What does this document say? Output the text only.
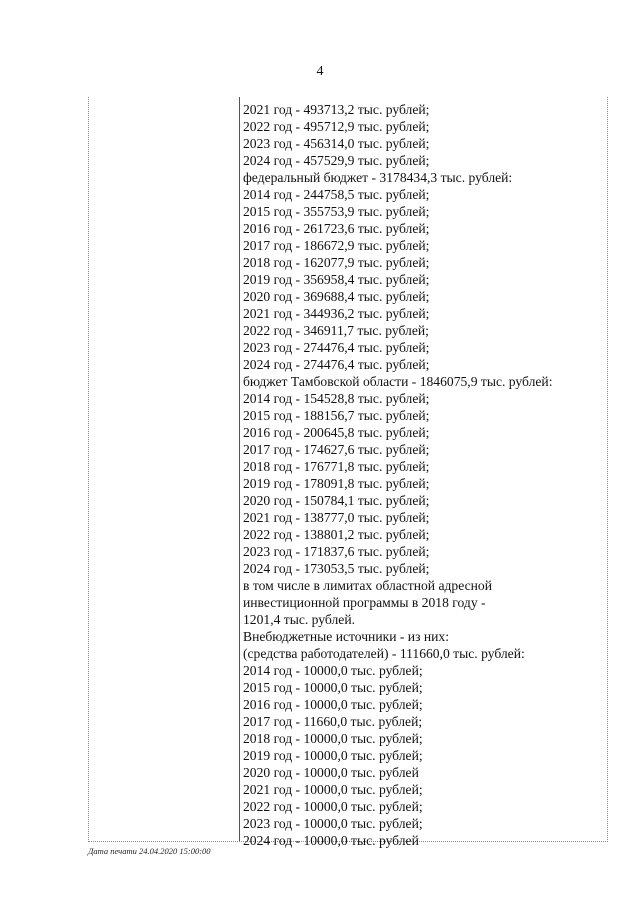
4
2021 год - 493713,2 тыс. рублей;
2022 год - 495712,9 тыс. рублей;
2023 год - 456314,0 тыс. рублей;
2024 год - 457529,9 тыс. рублей;
федеральный бюджет - 3178434,3 тыс. рублей:
2014 год - 244758,5 тыс. рублей;
2015 год - 355753,9 тыс. рублей;
2016 год - 261723,6 тыс. рублей;
2017 год - 186672,9 тыс. рублей;
2018 год - 162077,9 тыс. рублей;
2019 год - 356958,4 тыс. рублей;
2020 год - 369688,4 тыс. рублей;
2021 год - 344936,2 тыс. рублей;
2022 год - 346911,7 тыс. рублей;
2023 год - 274476,4 тыс. рублей;
2024 год - 274476,4 тыс. рублей;
бюджет Тамбовской области - 1846075,9 тыс. рублей:
2014 год - 154528,8 тыс. рублей;
2015 год - 188156,7 тыс. рублей;
2016 год - 200645,8 тыс. рублей;
2017 год - 174627,6 тыс. рублей;
2018 год - 176771,8 тыс. рублей;
2019 год - 178091,8 тыс. рублей;
2020 год - 150784,1 тыс. рублей;
2021 год - 138777,0 тыс. рублей;
2022 год - 138801,2 тыс. рублей;
2023 год - 171837,6 тыс. рублей;
2024 год - 173053,5 тыс. рублей;
в том числе в лимитах областной адресной
инвестиционной программы в 2018 году -
1201,4 тыс. рублей.
Внебюджетные источники - из них:
(средства работодателей) - 111660,0 тыс. рублей:
2014 год - 10000,0 тыс. рублей;
2015 год - 10000,0 тыс. рублей;
2016 год - 10000,0 тыс. рублей;
2017 год - 11660,0 тыс. рублей;
2018 год - 10000,0 тыс. рублей;
2019 год - 10000,0 тыс. рублей;
2020 год - 10000,0 тыс. рублей
2021 год - 10000,0 тыс. рублей;
2022 год - 10000,0 тыс. рублей;
2023 год - 10000,0 тыс. рублей;
2024 год - 10000,0 тыс. рублей
Дата печати 24.04.2020 15:00:00
